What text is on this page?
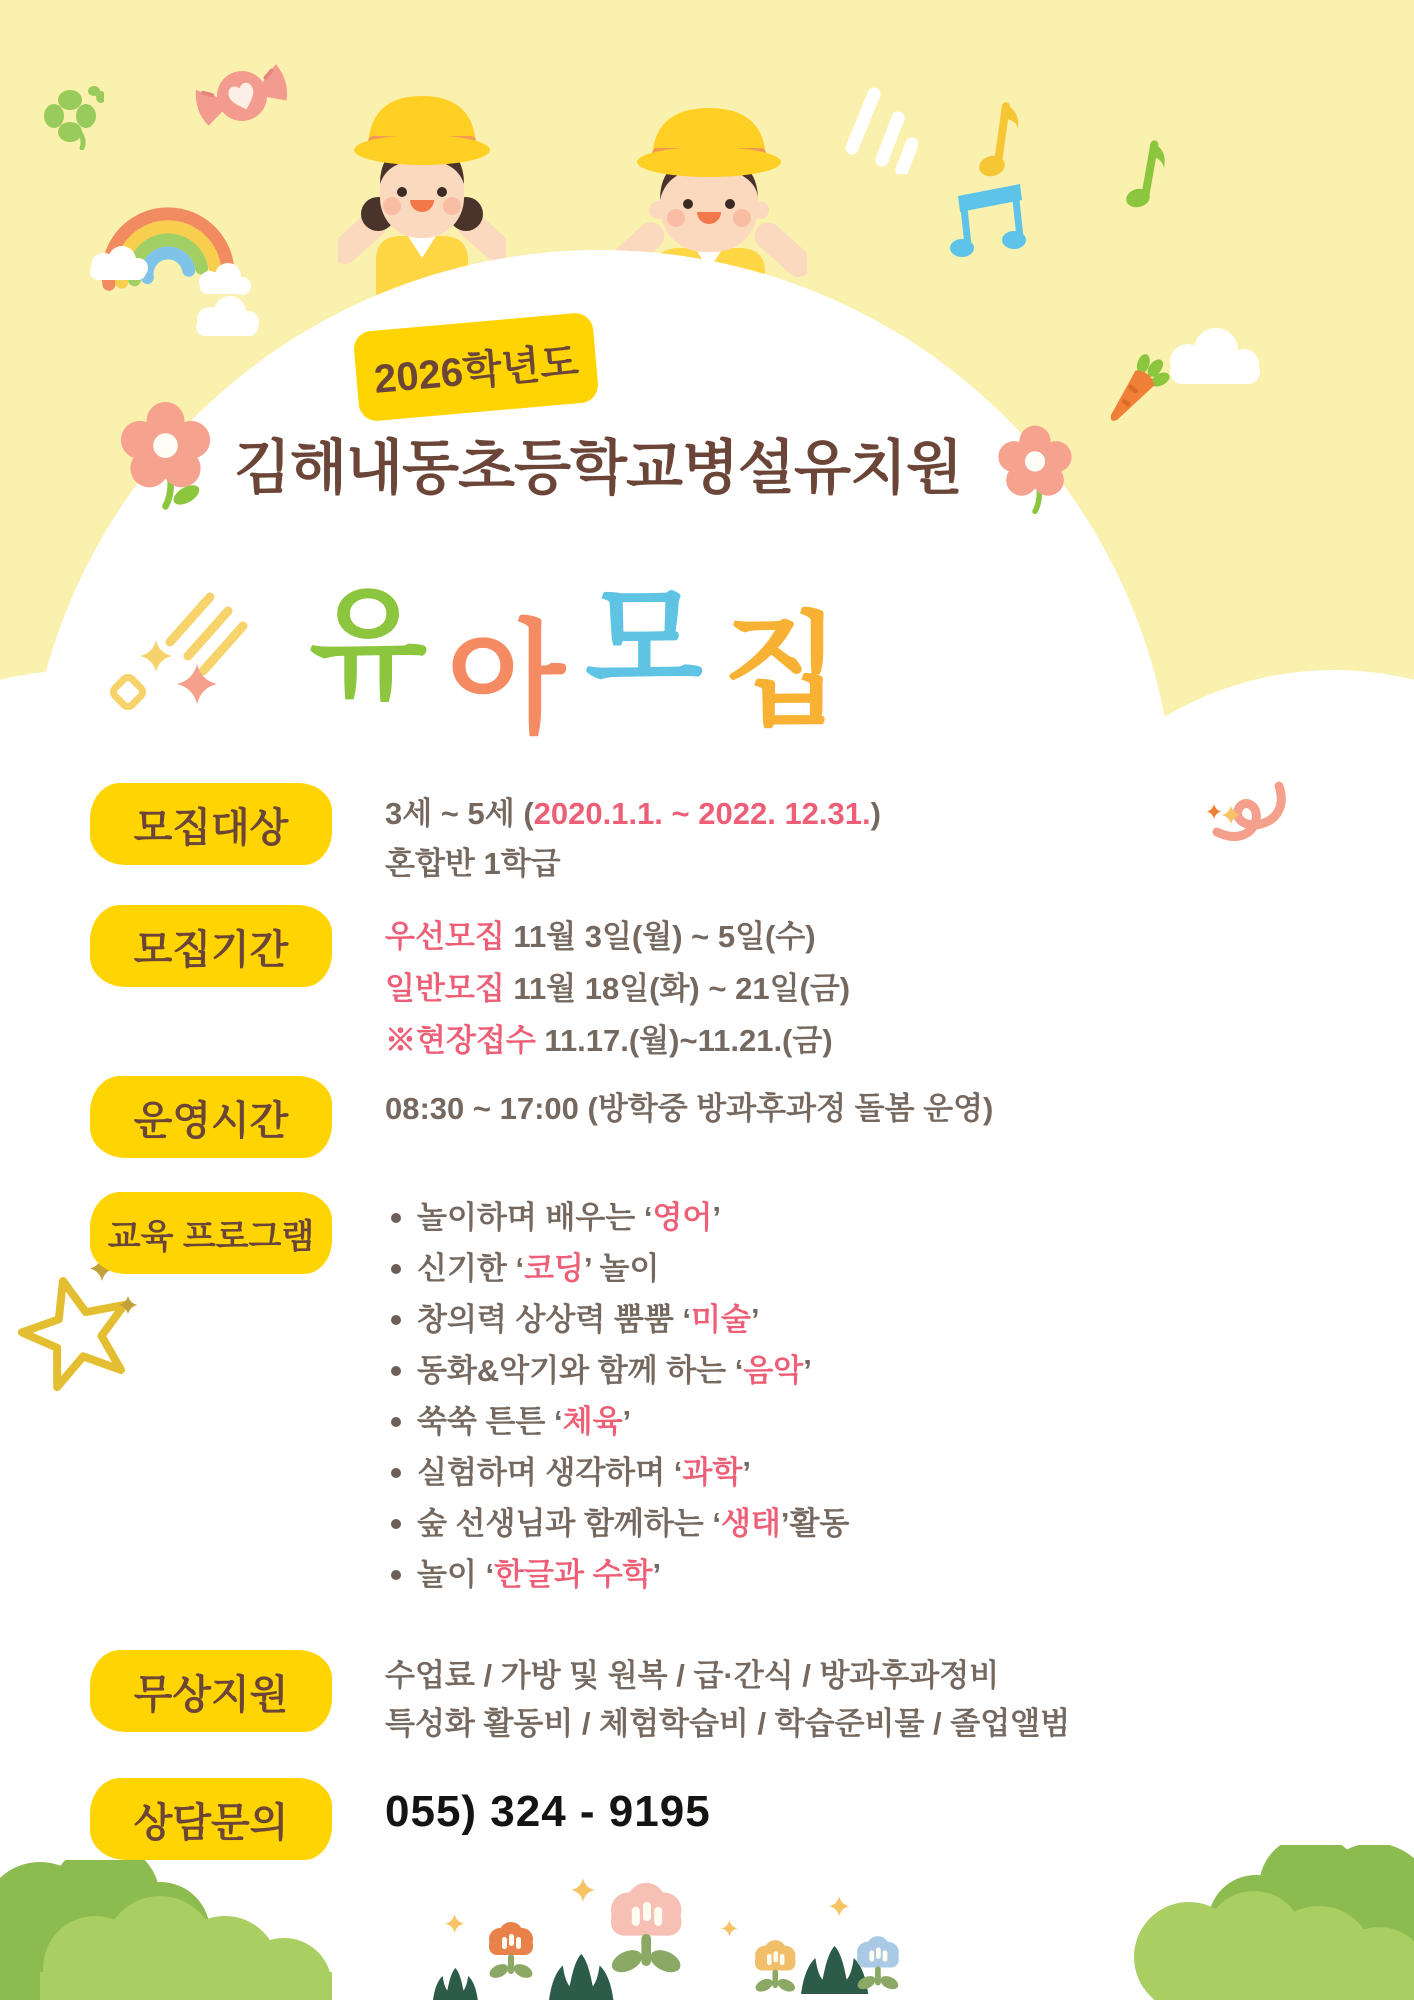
2026학년도
김해내동초등학교병설유치원
유 아 모 집
모집대상	3세 ~ 5세 (2020.1.1. ~ 2022. 12.31.)

혼합반 1학급

모집기간	우선모집 11월 3일(월) ~ 5일(수)

일반모집 11월 18일(화) ~ 21일(금)

※현장접수 11.17.(월)~11.21.(금)

운영시간	08:30 ~ 17:00 (방학중 방과후과정 돌봄 운영)

교육 프로그램	놀이하며 배우는 ‘영어’

신기한 ‘코딩’ 놀이

창의력 상상력 뿜뿜 ‘미술’

동화&악기와 함께 하는 ‘음악’

쑥쑥 튼튼 ‘체육’

실험하며 생각하며 ‘과학’

숲 선생님과 함께하는 ‘생태’활동

놀이 ‘한글과 수학’

무상지원	수업료 / 가방 및 원복 / 급·간식 / 방과후과정비

특성화 활동비 / 체험학습비 / 학습준비물 / 졸업앨범

상담문의 055) 324 - 9195
